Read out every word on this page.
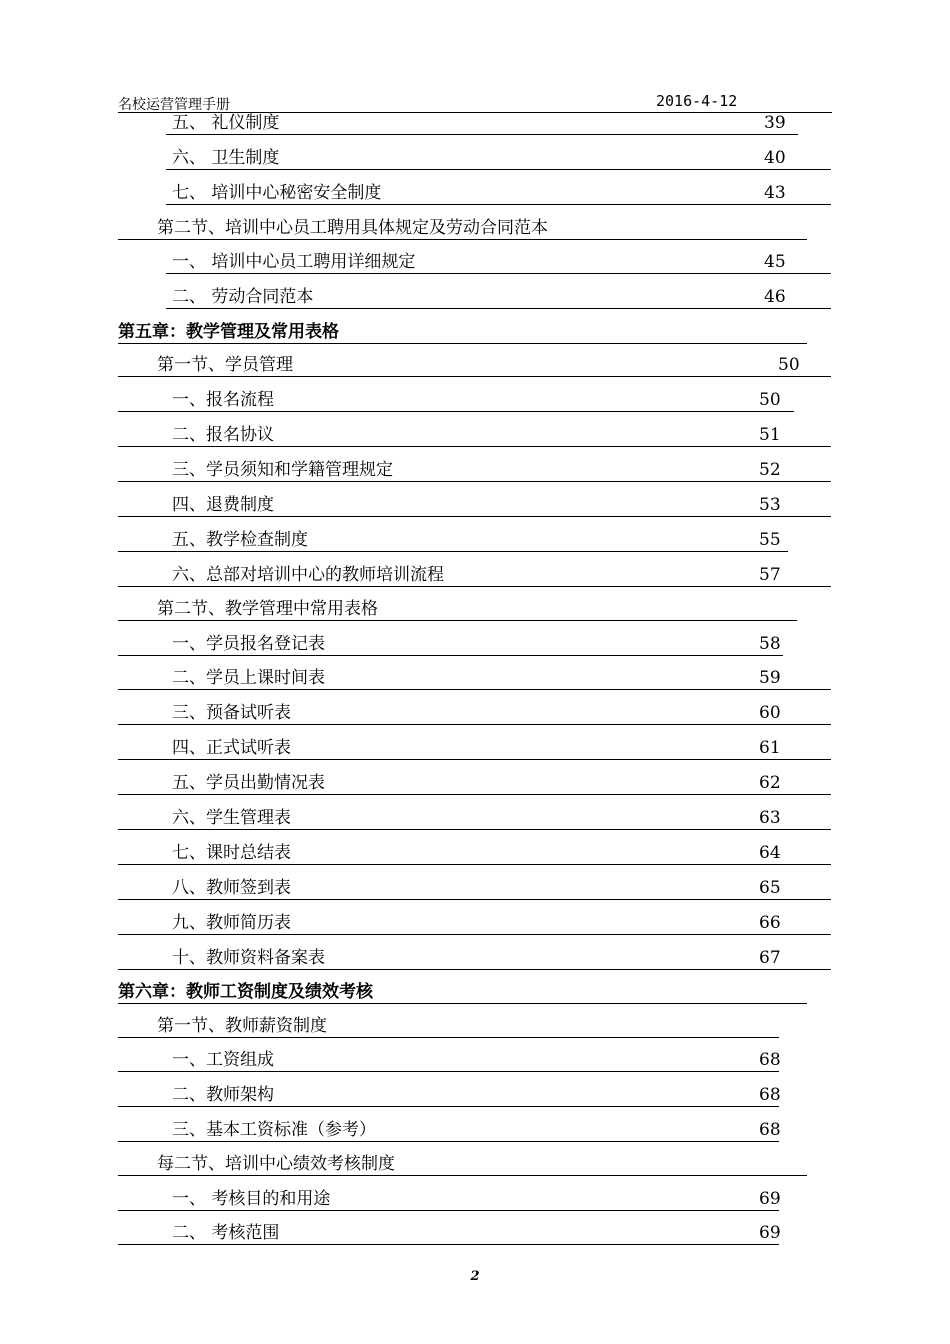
名校运营管理手册	2016-4-12
五、 礼仪制度	39
六、 卫生制度	40
七、 培训中心秘密安全制度	43
第二节、培训中心员工聘用具体规定及劳动合同范本
一、 培训中心员工聘用详细规定	45
二、 劳动合同范本	46
第五章：教学管理及常用表格
第一节、学员管理	50
一、报名流程	50
二、报名协议	51
三、学员须知和学籍管理规定	52
四、退费制度	53
五、教学检查制度	55
六、总部对培训中心的教师培训流程	57
第二节、教学管理中常用表格
一、学员报名登记表	58
二、学员上课时间表	59
三、预备试听表	60
四、正式试听表	61
五、学员出勤情况表	62
六、学生管理表	63
七、课时总结表	64
八、教师签到表	65
九、教师简历表	66
十、教师资料备案表	67
第六章：教师工资制度及绩效考核
第一节、教师薪资制度
一、工资组成	68
二、教师架构	68
三、基本工资标准（参考）	68
每二节、培训中心绩效考核制度
一、 考核目的和用途	69
二、 考核范围	69
2
